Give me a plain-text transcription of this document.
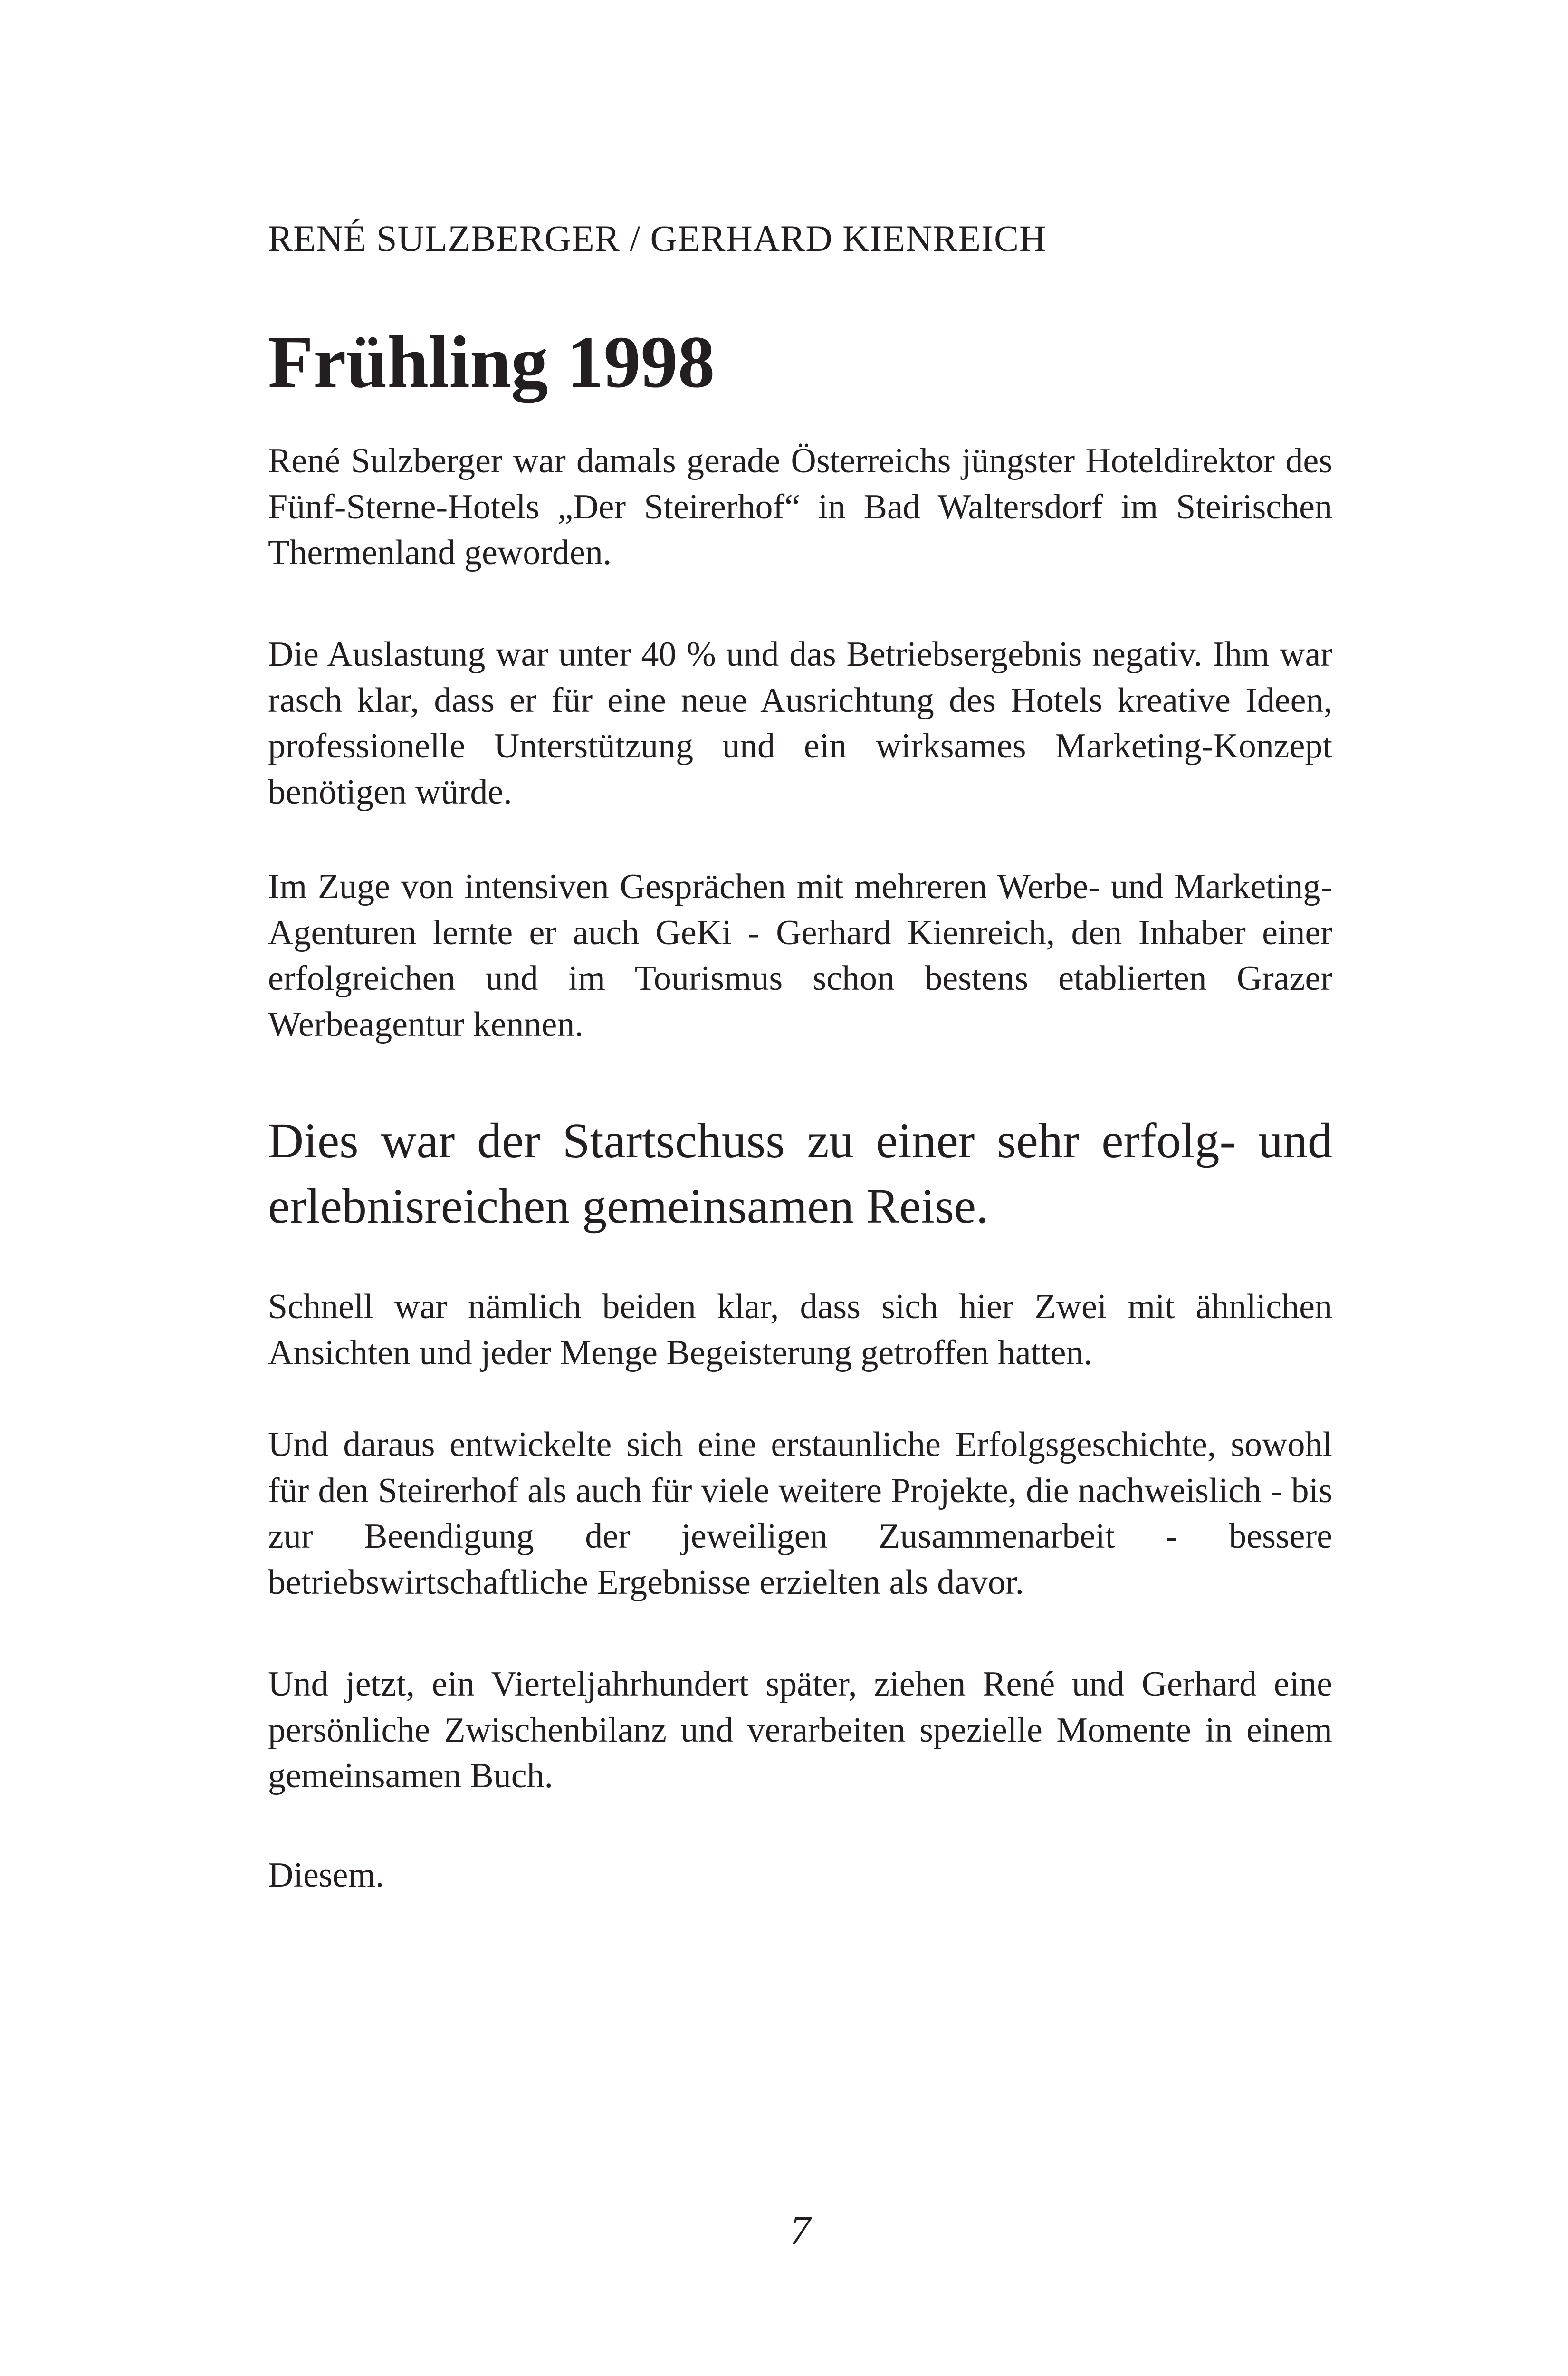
RENÉ SULZBERGER / GERHARD KIENREICH
Frühling 1998

René Sulzberger war damals gerade Österreichs jüngster Hoteldirektor des Fünf-Sterne-Hotels „Der Steirerhof“ in Bad Waltersdorf im Steirischen Thermenland geworden.

Die Auslastung war unter 40 % und das Betriebsergebnis negativ. Ihm war rasch klar, dass er für eine neue Ausrichtung des Hotels kreative Ideen, professionelle Unterstützung und ein wirksames Marketing-Konzept benötigen würde.

Im Zuge von intensiven Gesprächen mit mehreren Werbe- und Marketing-Agenturen lernte er auch GeKi - Gerhard Kienreich, den Inhaber einer erfolgreichen und im Tourismus schon bestens etablierten Grazer Werbeagentur kennen.

Dies war der Startschuss zu einer sehr erfolg- und erlebnisreichen gemeinsamen Reise.

Schnell war nämlich beiden klar, dass sich hier Zwei mit ähnlichen Ansichten und jeder Menge Begeisterung getroffen hatten.

Und daraus entwickelte sich eine erstaunliche Erfolgsgeschichte, sowohl für den Steirerhof als auch für viele weitere Projekte, die nachweislich - bis zur Beendigung der jeweiligen Zusammenarbeit - bessere betriebswirtschaftliche Ergebnisse erzielten als davor.

Und jetzt, ein Vierteljahrhundert später, ziehen René und Gerhard eine persönliche Zwischenbilanz und verarbeiten spezielle Momente in einem gemeinsamen Buch.

Diesem.

7
